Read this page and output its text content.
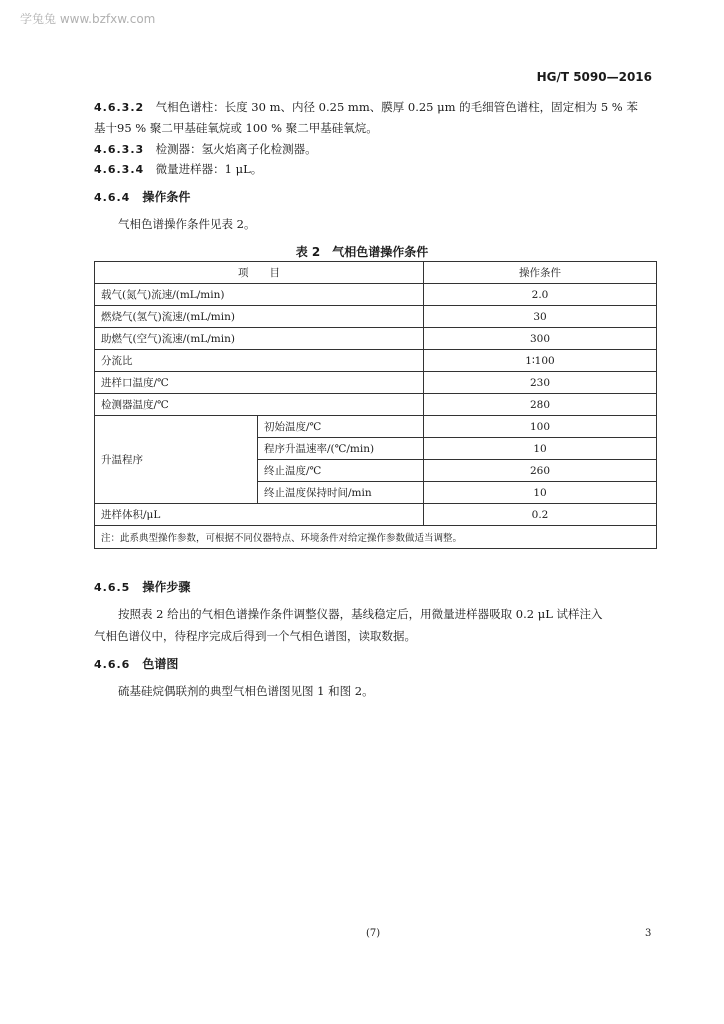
学兔兔 www.bzfxw.com
HG/T 5090—2016
4.6.3.2　 气相色谱柱：长度 30 m、内径 0.25 mm、膜厚 0.25 μm 的毛细管色谱柱，固定相为 5 % 苯
基十95 % 聚二甲基硅氧烷或 100 % 聚二甲基硅氧烷。
4.6.3.3　 检测器：氢火焰离子化检测器。
4.6.3.4　 微量进样器：1 μL。
4.6.4　 操作条件
气相色谱操作条件见表 2。
表 2　气相色谱操作条件
项　　目		操作条件
载气(氮气)流速/(mL/min)		2.0
燃烧气(氢气)流速/(mL/min)		30
助燃气(空气)流速/(mL/min)		300
分流比		1∶100
进样口温度/℃		230
检测器温度/℃		280
升温程序	初始温度/℃	100
	程序升温速率/(℃/min)	10
	终止温度/℃	260
	终止温度保持时间/min	10
进样体积/μL		0.2
注：此系典型操作参数，可根据不同仪器特点、环境条件对给定操作参数做适当调整。		
4.6.5　 操作步骤
按照表 2 给出的气相色谱操作条件调整仪器，基线稳定后，用微量进样器吸取 0.2 μL 试样注入
气相色谱仪中，待程序完成后得到一个气相色谱图，读取数据。
4.6.6　 色谱图
硫基硅烷偶联剂的典型气相色谱图见图 1 和图 2。
(7)	3
